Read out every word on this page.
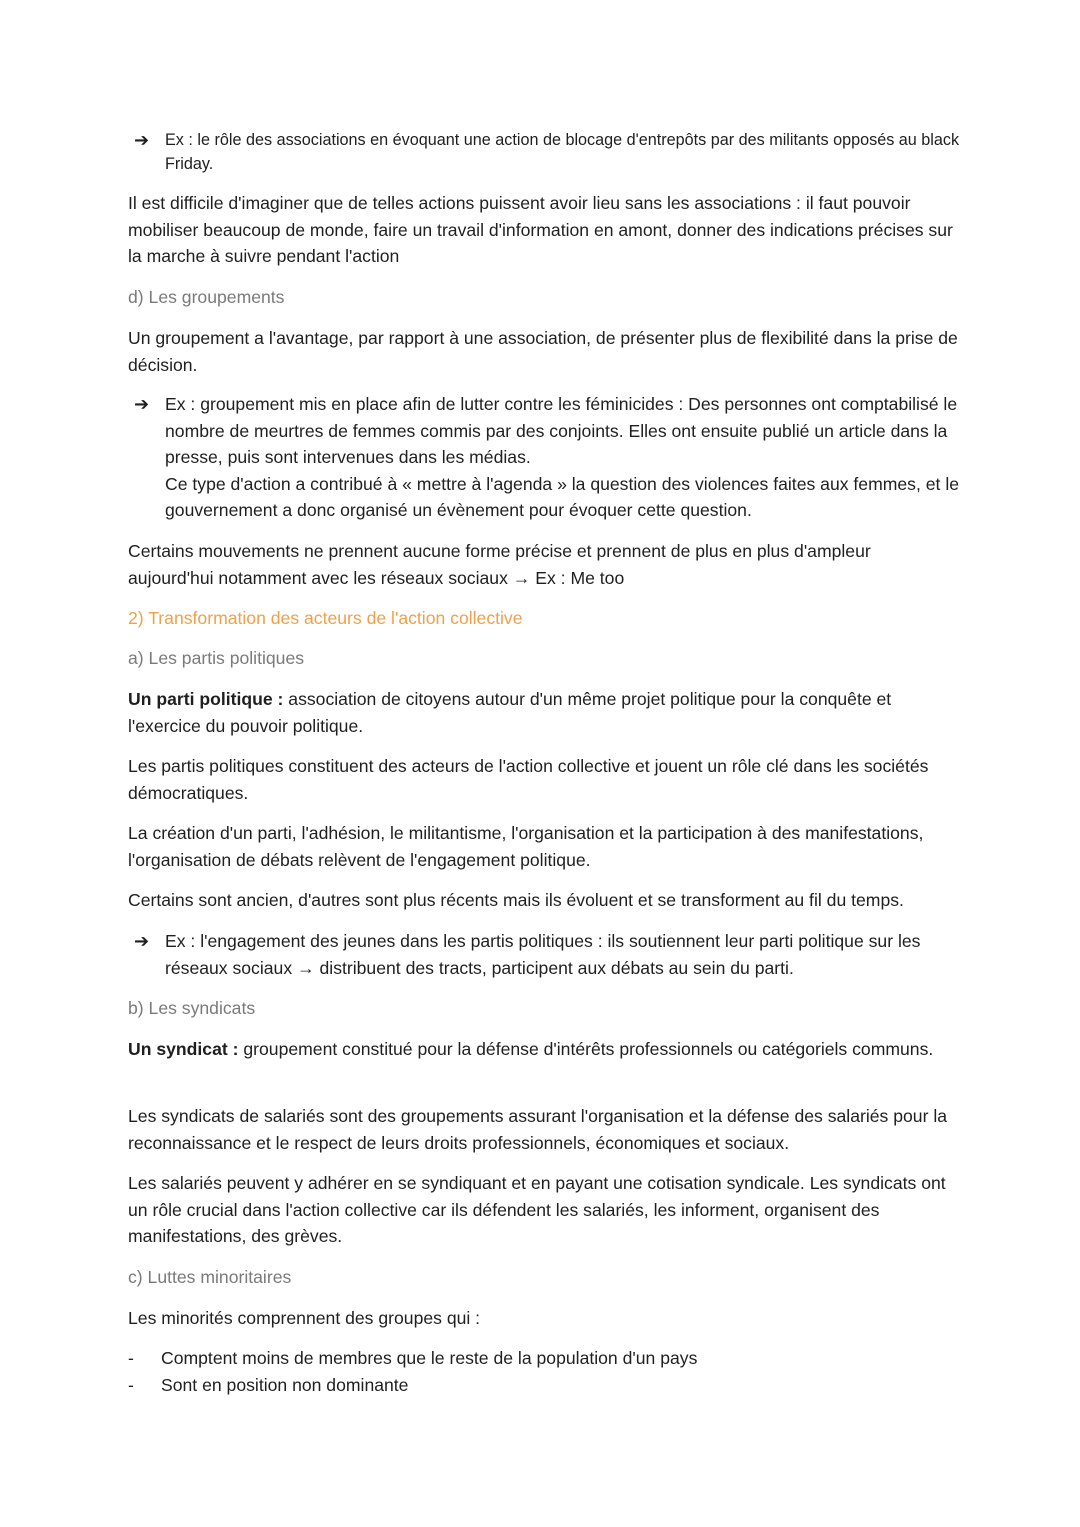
➔ Ex : le rôle des associations en évoquant une action de blocage d'entrepôts par des militants opposés au black Friday.

Il est difficile d'imaginer que de telles actions puissent avoir lieu sans les associations : il faut pouvoir mobiliser beaucoup de monde, faire un travail d'information en amont, donner des indications précises sur la marche à suivre pendant l'action

d) Les groupements

Un groupement a l'avantage, par rapport à une association, de présenter plus de flexibilité dans la prise de décision.

➔ Ex : groupement mis en place afin de lutter contre les féminicides : Des personnes ont comptabilisé le nombre de meurtres de femmes commis par des conjoints. Elles ont ensuite publié un article dans la presse, puis sont intervenues dans les médias.
Ce type d'action a contribué à « mettre à l'agenda » la question des violences faites aux femmes, et le gouvernement a donc organisé un évènement pour évoquer cette question.

Certains mouvements ne prennent aucune forme précise et prennent de plus en plus d'ampleur aujourd'hui notamment avec les réseaux sociaux → Ex : Me too

2) Transformation des acteurs de l'action collective

a) Les partis politiques

Un parti politique : association de citoyens autour d'un même projet politique pour la conquête et l'exercice du pouvoir politique.

Les partis politiques constituent des acteurs de l'action collective et jouent un rôle clé dans les sociétés démocratiques.

La création d'un parti, l'adhésion, le militantisme, l'organisation et la participation à des manifestations, l'organisation de débats relèvent de l'engagement politique.

Certains sont ancien, d'autres sont plus récents mais ils évoluent et se transforment au fil du temps.

➔ Ex : l'engagement des jeunes dans les partis politiques : ils soutiennent leur parti politique sur les réseaux sociaux → distribuent des tracts, participent aux débats au sein du parti.

b) Les syndicats

Un syndicat : groupement constitué pour la défense d'intérêts professionnels ou catégoriels communs.

Les syndicats de salariés sont des groupements assurant l'organisation et la défense des salariés pour la reconnaissance et le respect de leurs droits professionnels, économiques et sociaux.

Les salariés peuvent y adhérer en se syndiquant et en payant une cotisation syndicale. Les syndicats ont un rôle crucial dans l'action collective car ils défendent les salariés, les informent, organisent des manifestations, des grèves.

c) Luttes minoritaires

Les minorités comprennent des groupes qui :

- Comptent moins de membres que le reste de la population d'un pays
- Sont en position non dominante
